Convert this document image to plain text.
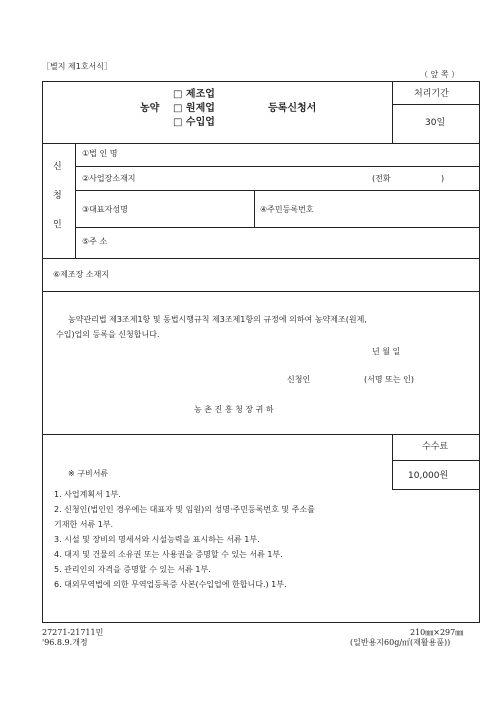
［별지 제1호서식］
（ 앞 쪽 ）
□ 제조업
농약 □ 원제업	등록신청서
□ 수입업
처리기간
30일
신
청
인
①법 인 명
②사업장소재지	(전화	)
③대표자성명	④주민등록번호
⑤주 소
⑥제조장 소재지
농약관리법 제3조제1항 및 동법시행규칙 제3조제1항의 규정에 의하여 농약제조(원제,
수입)업의 등록을 신청합니다.
년 월 일
신청인	(서명 또는 인)
농 촌 진 흥 청 장 귀 하
수수료
10,000원
※ 구비서류
1. 사업계획서 1부.
2. 신청인(법인인 경우에는 대표자 및 임원)의 성명·주민등록번호 및 주소를
기재한 서류 1부.
3. 시설 및 장비의 명세서와 시설능력을 표시하는 서류 1부.
4. 대지 및 건물의 소유권 또는 사용권을 증명할 수 있는 서류 1부.
5. 관리인의 자격을 증명할 수 있는 서류 1부.
6. 대외무역법에 의한 무역업등록증 사본(수입업에 한합니다.) 1부.
27271-21711민
'96.8.9.개정
210㎜×297㎜
(일반용지60g/㎡(재활용품))
